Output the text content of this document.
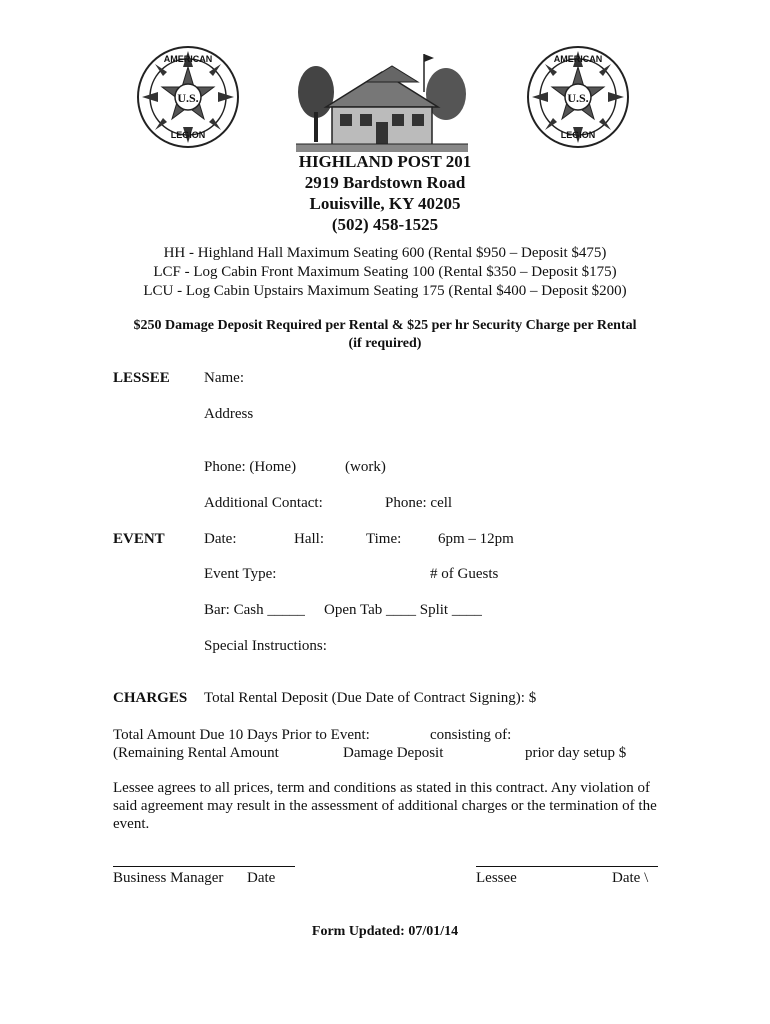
U.S.
AMERICAN
LEGION
U.S.
AMERICAN
LEGION
HIGHLAND POST 201
2919 Bardstown Road
Louisville, KY 40205
(502) 458-1525
HH - Highland Hall Maximum Seating 600 (Rental $950 – Deposit $475)
LCF - Log Cabin Front Maximum Seating 100 (Rental $350 – Deposit $175)
LCU - Log Cabin Upstairs Maximum Seating 175 (Rental $400 – Deposit $200)
$250 Damage Deposit Required per Rental & $25 per hr Security Charge per Rental
(if required)
LESSEE Name:
Address
Phone: (Home)	(work)
Additional Contact:	Phone: cell
EVENT	Date:	Hall:	Time: 6pm – 12pm
Event Type:	# of Guests
Bar: Cash _____ Open Tab ____ Split ____
Special Instructions:
CHARGES Total Rental Deposit (Due Date of Contract Signing): $
Total Amount Due 10 Days Prior to Event:	consisting of:
(Remaining Rental Amount	Damage Deposit	prior day setup $
Lessee agrees to all prices, term and conditions as stated in this contract. Any violation of
said agreement may result in the assessment of additional charges or the termination of the
event.
Business Manager Date	Lessee	Date \
Form Updated: 07/01/14
